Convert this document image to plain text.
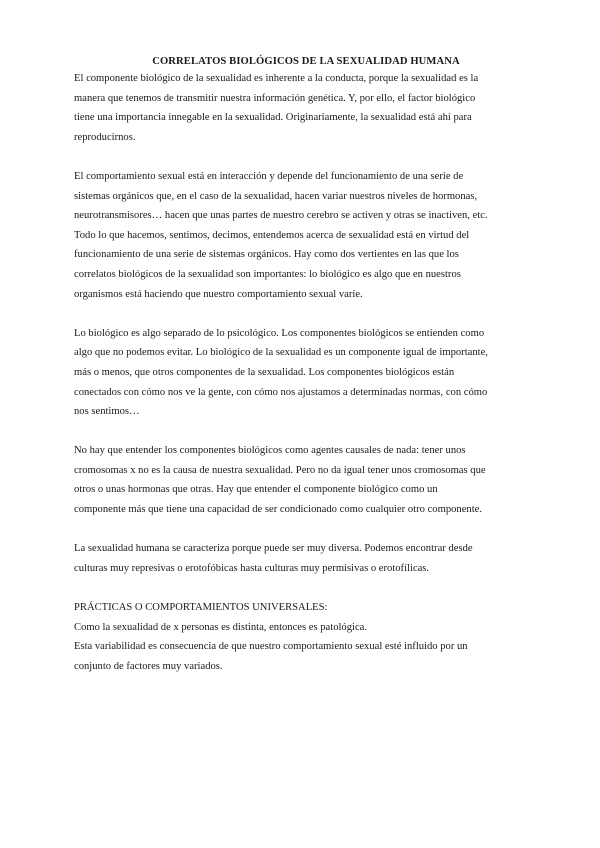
CORRELATOS BIOLÓGICOS DE LA SEXUALIDAD HUMANA

El componente biológico de la sexualidad es inherente a la conducta, porque la sexualidad es la
manera que tenemos de transmitir nuestra información genética. Y, por ello, el factor biológico
tiene una importancia innegable en la sexualidad. Originariamente, la sexualidad está ahí para
reproducirnos.

El comportamiento sexual está en interacción y depende del funcionamiento de una serie de
sistemas orgánicos que, en el caso de la sexualidad, hacen variar nuestros niveles de hormonas,
neurotransmisores… hacen que unas partes de nuestro cerebro se activen y otras se inactiven, etc.
Todo lo que hacemos, sentimos, decimos, entendemos acerca de sexualidad está en virtud del
funcionamiento de una serie de sistemas orgánicos. Hay como dos vertientes en las que los
correlatos biológicos de la sexualidad son importantes: lo biológico es algo que en nuestros
organismos está haciendo que nuestro comportamiento sexual varíe.

Lo biológico es algo separado de lo psicológico. Los componentes biológicos se entienden como
algo que no podemos evitar. Lo biológico de la sexualidad es un componente igual de importante,
más o menos, que otros componentes de la sexualidad. Los componentes biológicos están
conectados con cómo nos ve la gente, con cómo nos ajustamos a determinadas normas, con cómo
nos sentimos…

No hay que entender los componentes biológicos como agentes causales de nada: tener unos
cromosomas x no es la causa de nuestra sexualidad. Pero no da igual tener unos cromosomas que
otros o unas hormonas que otras. Hay que entender el componente biológico como un
componente más que tiene una capacidad de ser condicionado como cualquier otro componente.

La sexualidad humana se caracteriza porque puede ser muy diversa. Podemos encontrar desde
culturas muy represivas o erotofóbicas hasta culturas muy permisivas o erotofílicas.

PRÁCTICAS O COMPORTAMIENTOS UNIVERSALES:

Como la sexualidad de x personas es distinta, entonces es patológica.
Esta variabilidad es consecuencia de que nuestro comportamiento sexual esté influido por un
conjunto de factores muy variados.
